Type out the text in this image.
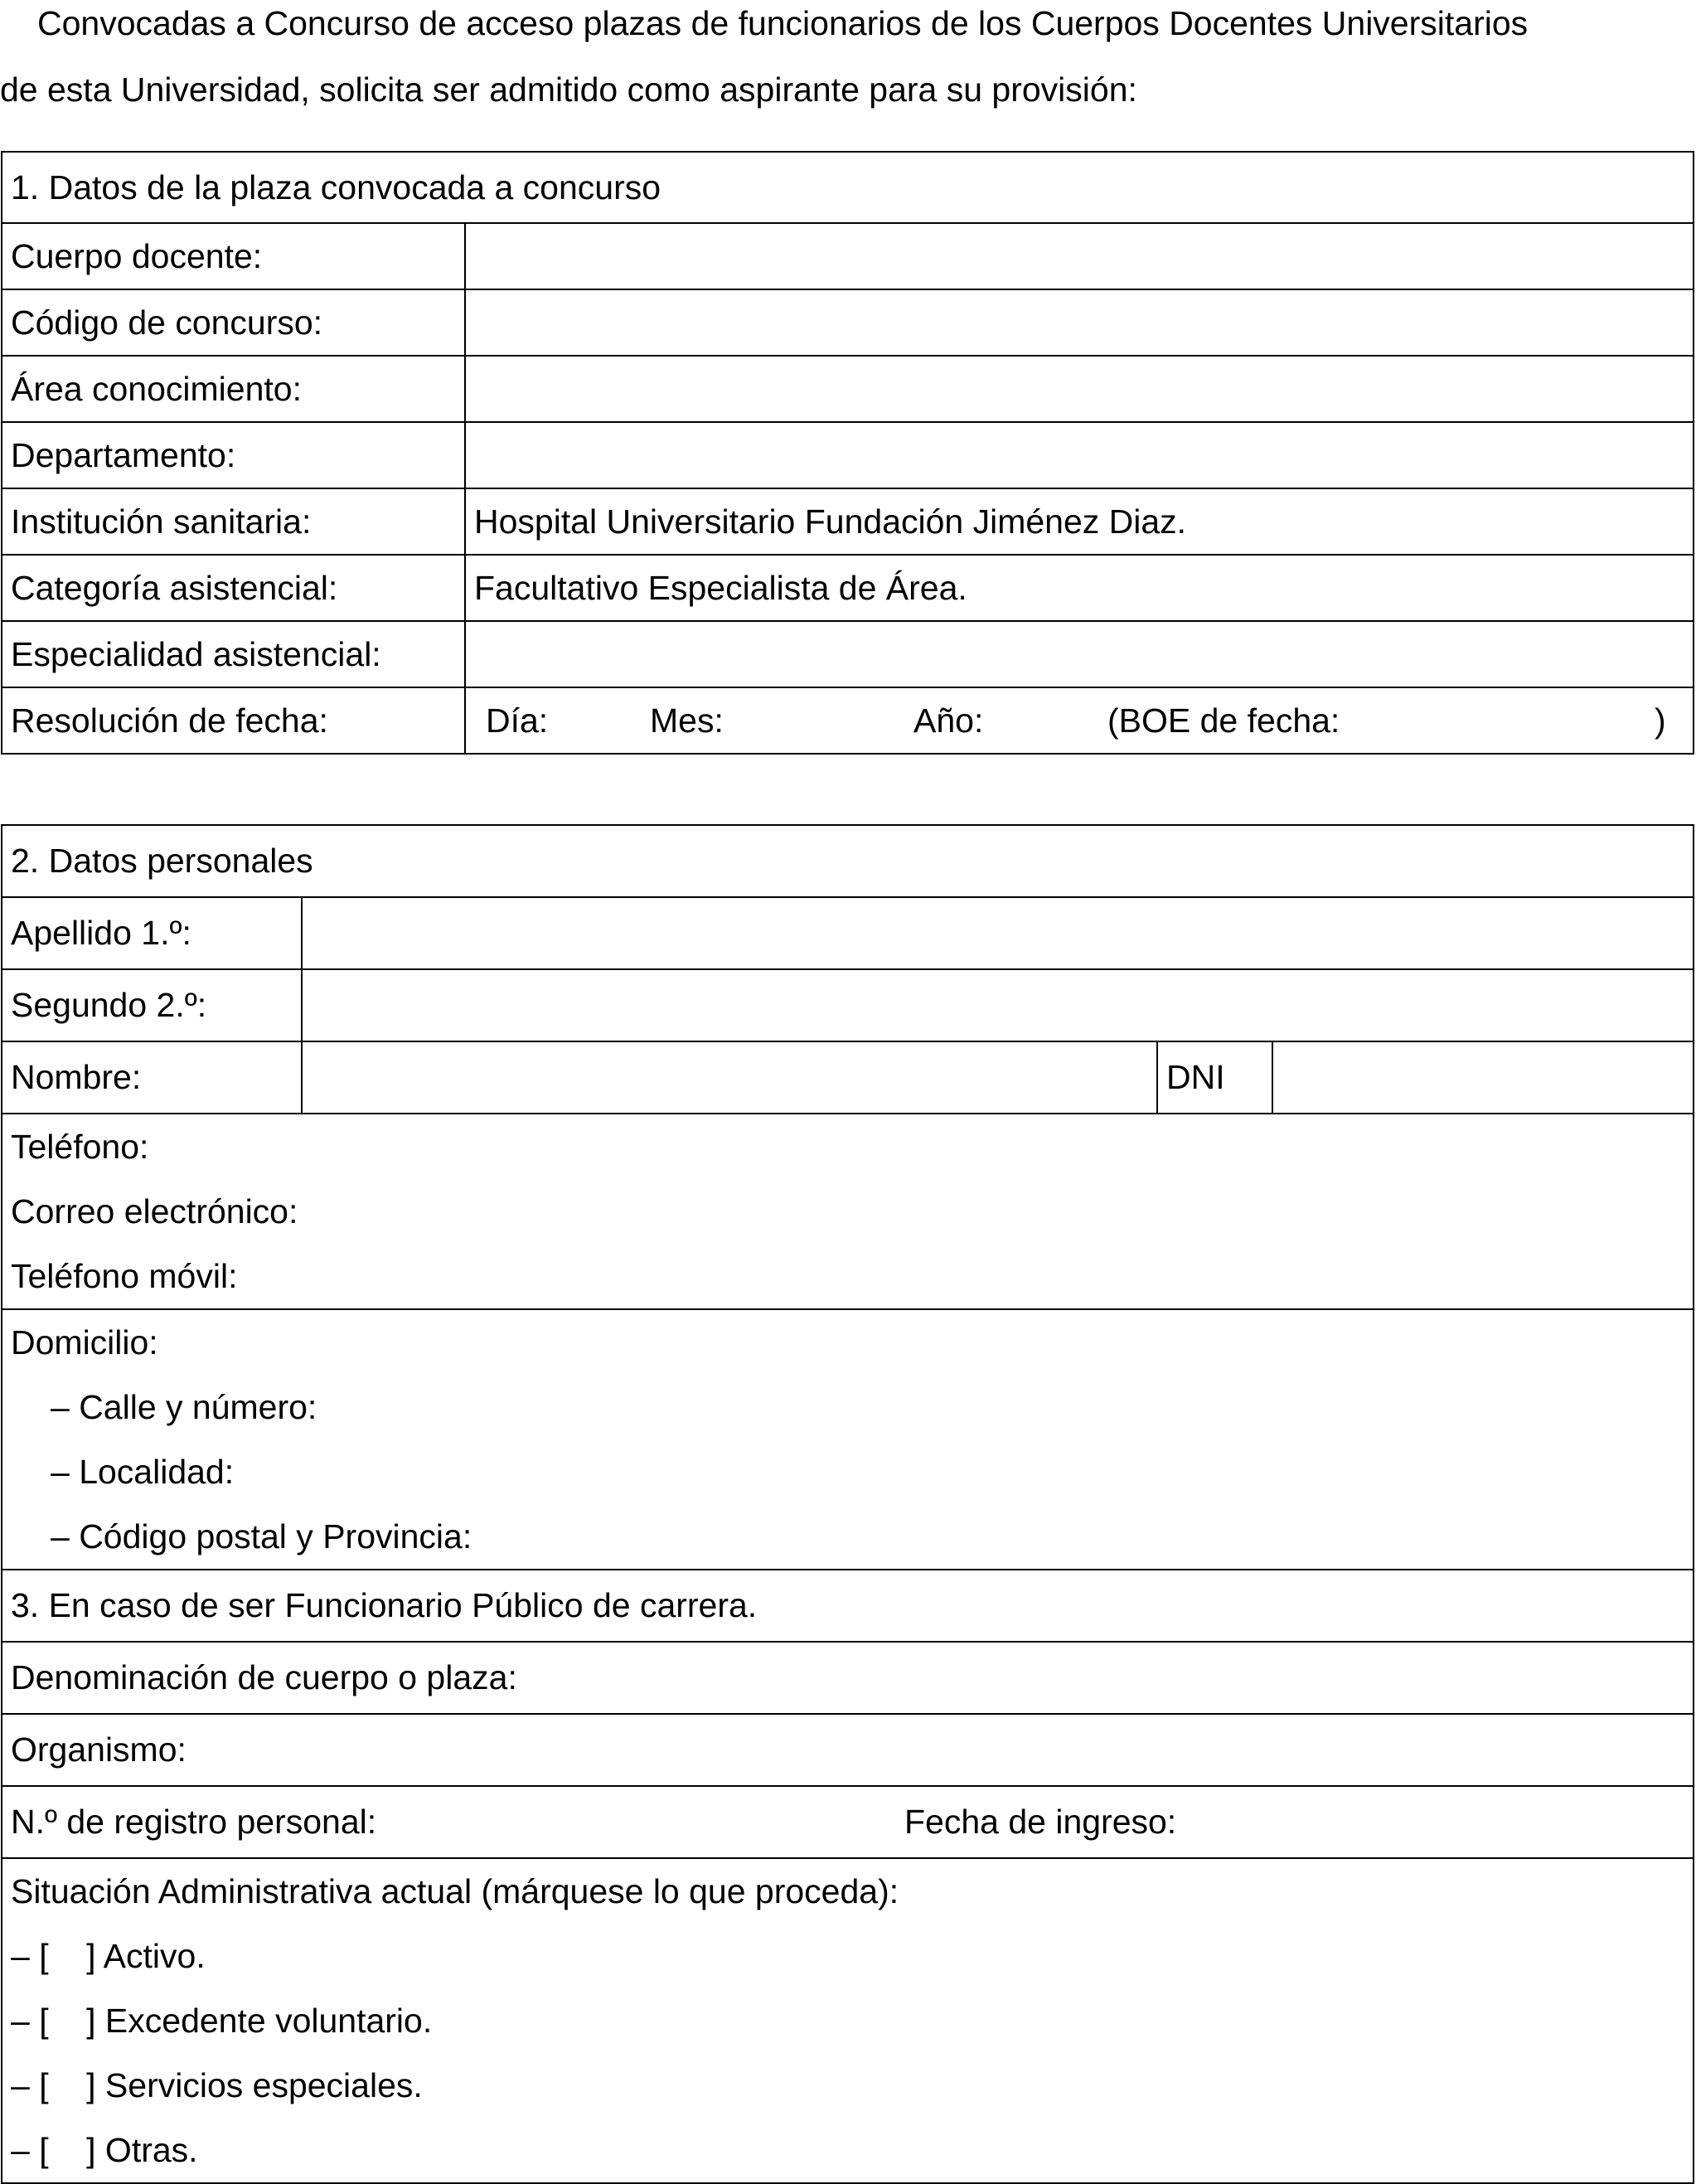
Convocadas a Concurso de acceso plazas de funcionarios de los Cuerpos Docentes Universitarios
de esta Universidad, solicita ser admitido como aspirante para su provisión:
1. Datos de la plaza convocada a concurso	
Cuerpo docente:	
Código de concurso:	
Área conocimiento:	
Departamento:	
Institución sanitaria:	Hospital Universitario Fundación Jiménez Diaz.
Categoría asistencial:	Facultativo Especialista de Área.
Especialidad asistencial:	
Resolución de fecha:	Día: Mes: Año: (BOE de fecha: )
2. Datos personales			
Apellido 1.º:			
Segundo 2.º:			
Nombre:		DNI	

Teléfono:
Correo electrónico:
Teléfono móvil:			

Domicilio:
– Calle y número:
– Localidad:
– Código postal y Provincia:			

3. En caso de ser Funcionario Público de carrera.			
Denominación de cuerpo o plaza:			
Organismo:			
N.º de registro personal: Fecha de ingreso:			

Situación Administrativa actual (márquese lo que proceda):
– [    ] Activo.
– [    ] Excedente voluntario.
– [    ] Servicios especiales.
– [    ] Otras.			
